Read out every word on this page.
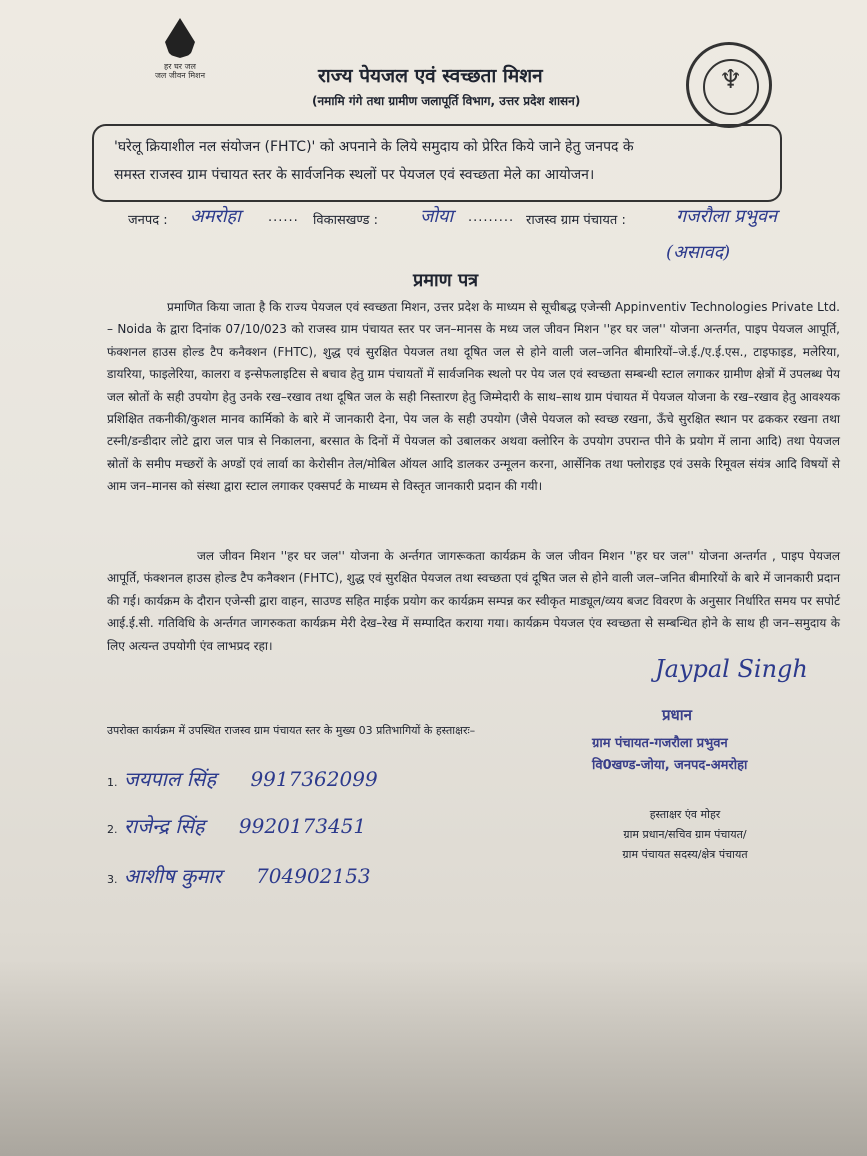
हर घर जल
जल जीवन मिशन	♆
राज्य पेयजल एवं स्वच्छता मिशन
(नमामि गंगे तथा ग्रामीण जलापूर्ति विभाग, उत्तर प्रदेश शासन)

'घरेलू क्रियाशील नल संयोजन (FHTC)' को अपनाने के लिये समुदाय को प्रेरित किये जाने हेतु जनपद के

समस्त राजस्व ग्राम पंचायत स्तर के सार्वजनिक स्थलों पर पेयजल एवं स्वच्छता मेले का आयोजन।

जनपद : अमरोहा ...... विकासखण्ड : जोया ......... राजस्व ग्राम पंचायत :	गजरौला प्रभुवन
(असावद)
प्रमाण पत्र
प्रमाणित किया जाता है कि राज्य पेयजल एवं स्वच्छता मिशन, उत्तर प्रदेश के माध्यम से सूचीबद्ध एजेन्सी Appinventiv Technologies Private Ltd. – Noida के द्वारा दिनांक 07/10/023 को राजस्व ग्राम पंचायत स्तर पर जन–मानस के मध्य जल जीवन मिशन ''हर घर जल'' योजना अन्तर्गत, पाइप पेयजल आपूर्ति, फंक्शनल हाउस होल्ड टैप कनैक्शन (FHTC), शुद्ध एवं सुरक्षित पेयजल तथा दूषित जल से होने वाली जल–जनित बीमारियों–जे.ई./ए.ई.एस., टाइफाइड, मलेरिया, डायरिया, फाइलेरिया, कालरा व इन्सेफलाइटिस से बचाव हेतु ग्राम पंचायतों में सार्वजनिक स्थलो पर पेय जल एवं स्वच्छता सम्बन्धी स्टाल लगाकर ग्रामीण क्षेत्रों में उपलब्ध पेय जल स्रोतों के सही उपयोग हेतु उनके रख–रखाव तथा दूषित जल के सही निस्तारण हेतु जिम्मेदारी के साथ–साथ ग्राम पंचायत में पेयजल योजना के रख–रखाव हेतु आवश्यक प्रशिक्षित तकनीकी/कुशल मानव कार्मिको के बारे में जानकारी देना, पेय जल के सही उपयोग (जैसे पेयजल को स्वच्छ रखना, ऊँचे सुरक्षित स्थान पर ढककर रखना तथा टस्नी/डन्डीदार लोटे द्वारा जल पात्र से निकालना, बरसात के दिनों में पेयजल को उबालकर अथवा क्लोरिन के उपयोग उपरान्त पीने के प्रयोग में लाना आदि) तथा पेयजल स्रोतों के समीप मच्छरों के अण्डों एवं लार्वा का केरोसीन तेल/मोबिल ऑयल आदि डालकर उन्मूलन करना, आर्सेनिक तथा फ्लोराइड एवं उसके रिमूवल संयंत्र आदि विषयों से आम जन–मानस को संस्था द्वारा स्टाल लगाकर एक्सपर्ट के माध्यम से विस्तृत जानकारी प्रदान की गयी।
जल जीवन मिशन ''हर घर जल'' योजना के अर्न्तगत जागरूकता कार्यक्रम के जल जीवन मिशन ''हर घर जल'' योजना अन्तर्गत , पाइप पेयजल आपूर्ति, फंक्शनल हाउस होल्ड टैप कनैक्शन (FHTC), शुद्ध एवं सुरक्षित पेयजल तथा स्वच्छता एवं दूषित जल से होने वाली जल–जनित बीमारियों के बारे में जानकारी प्रदान की गई। कार्यक्रम के दौरान एजेन्सी द्वारा वाहन, साउण्ड सहित माईक प्रयोग कर कार्यक्रम सम्पन्न कर स्वीकृत माड्यूल/व्यय बजट विवरण के अनुसार निर्धारित समय पर सपोर्ट आई.ई.सी. गतिविधि के अर्न्तगत जागरुकता कार्यक्रम मेरी देख–रेख में सम्पादित कराया गया। कार्यक्रम पेयजल एंव स्वच्छता से सम्बन्धित होने के साथ ही जन–समुदाय के लिए अत्यन्त उपयोगी एंव लाभप्रद रहा।
Jaypal Singh
प्रधान
ग्राम पंचायत-गजरौला प्रभुवन
वि0खण्ड-जोया, जनपद-अमरोहा
उपरोक्त कार्यक्रम में उपस्थित राजस्व ग्राम पंचायत स्तर के मुख्य 03 प्रतिभागियों के हस्ताक्षरः–
1. जयपाल सिंह 9917362099
2. राजेन्द्र सिंह 9920173451
3. आशीष कुमार 704902153
हस्ताक्षर एंव मोहर
ग्राम प्रधान/सचिव ग्राम पंचायत/
ग्राम पंचायत सदस्य/क्षेत्र पंचायत
